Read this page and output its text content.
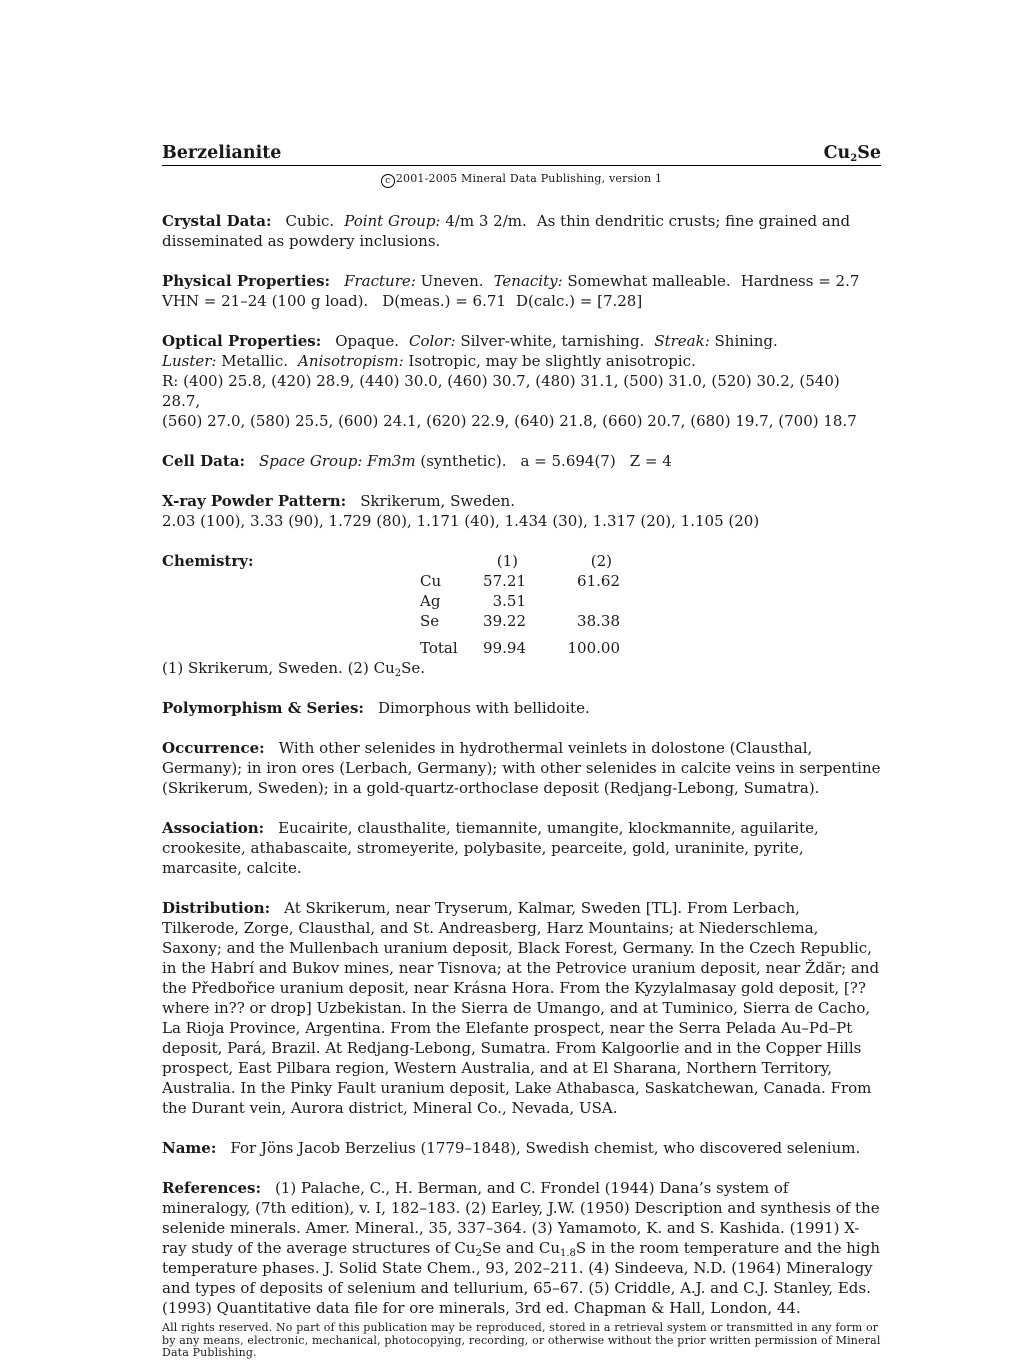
Berzelianite	$Cu_2Se$
c 2001-2005 Mineral Data Publishing, version 1
Crystal Data: Cubic. Point Group: 4/m 3 2/m. As thin dendritic crusts; fine grained and disseminated as powdery inclusions.
Physical Properties: Fracture: Uneven. Tenacity: Somewhat malleable. Hardness = 2.7
VHN = 21–24 (100 g load). D(meas.) = 6.71 D(calc.) = [7.28]
Optical Properties: Opaque. Color: Silver-white, tarnishing. Streak: Shining.
Luster: Metallic. Anisotropism: Isotropic, may be slightly anisotropic.
R: (400) 25.8, (420) 28.9, (440) 30.0, (460) 30.7, (480) 31.1, (500) 31.0, (520) 30.2, (540) 28.7,
(560) 27.0, (580) 25.5, (600) 24.1, (620) 22.9, (640) 21.8, (660) 20.7, (680) 19.7, (700) 18.7
Cell Data: Space Group: Fm3m (synthetic). a = 5.694(7) Z = 4
X-ray Powder Pattern: Skrikerum, Sweden.
2.03 (100), 3.33 (90), 1.729 (80), 1.171 (40), 1.434 (30), 1.317 (20), 1.105 (20)
Chemistry:
		(1)	(2)
Cu	57.21	61.62
Ag	3.51	
Se	39.22	38.38
Total	99.94	100.00
(1) Skrikerum, Sweden. (2) $Cu_2Se$.
Polymorphism & Series: Dimorphous with bellidoite.
Occurrence: With other selenides in hydrothermal veinlets in dolostone (Clausthal, Germany); in iron ores (Lerbach, Germany); with other selenides in calcite veins in serpentine (Skrikerum, Sweden); in a gold-quartz-orthoclase deposit (Redjang-Lebong, Sumatra).
Association: Eucairite, clausthalite, tiemannite, umangite, klockmannite, aguilarite, crookesite, athabascaite, stromeyerite, polybasite, pearceite, gold, uraninite, pyrite, marcasite, calcite.
Distribution: At Skrikerum, near Tryserum, Kalmar, Sweden [TL]. From Lerbach, Tilkerode, Zorge, Clausthal, and St. Andreasberg, Harz Mountains; at Niederschlema, Saxony; and the Mullenbach uranium deposit, Black Forest, Germany. In the Czech Republic, in the Habrí and Bukov mines, near Tisnova; at the Petrovice uranium deposit, near Ždăr; and the Předbořice uranium deposit, near Krásna Hora. From the Kyzylalmasay gold deposit, [??where in?? or drop] Uzbekistan. In the Sierra de Umango, and at Tuminico, Sierra de Cacho, La Rioja Province, Argentina. From the Elefante prospect, near the Serra Pelada Au–Pd–Pt deposit, Pará, Brazil. At Redjang-Lebong, Sumatra. From Kalgoorlie and in the Copper Hills prospect, East Pilbara region, Western Australia, and at El Sharana, Northern Territory, Australia. In the Pinky Fault uranium deposit, Lake Athabasca, Saskatchewan, Canada. From the Durant vein, Aurora district, Mineral Co., Nevada, USA.
Name: For Jöns Jacob Berzelius (1779–1848), Swedish chemist, who discovered selenium.
References: (1) Palache, C., H. Berman, and C. Frondel (1944) Dana’s system of mineralogy, (7th edition), v. I, 182–183. (2) Earley, J.W. (1950) Description and synthesis of the selenide minerals. Amer. Mineral., 35, 337–364. (3) Yamamoto, K. and S. Kashida. (1991) X-ray study of the average structures of $Cu_2Se$ and $Cu_{1.8}S$ in the room temperature and the high temperature phases. J. Solid State Chem., 93, 202–211. (4) Sindeeva, N.D. (1964) Mineralogy and types of deposits of selenium and tellurium, 65–67. (5) Criddle, A.J. and C.J. Stanley, Eds. (1993) Quantitative data file for ore minerals, 3rd ed. Chapman & Hall, London, 44.
All rights reserved. No part of this publication may be reproduced, stored in a retrieval system or transmitted in any form or by any means, electronic, mechanical, photocopying, recording, or otherwise without the prior written permission of Mineral Data Publishing.
